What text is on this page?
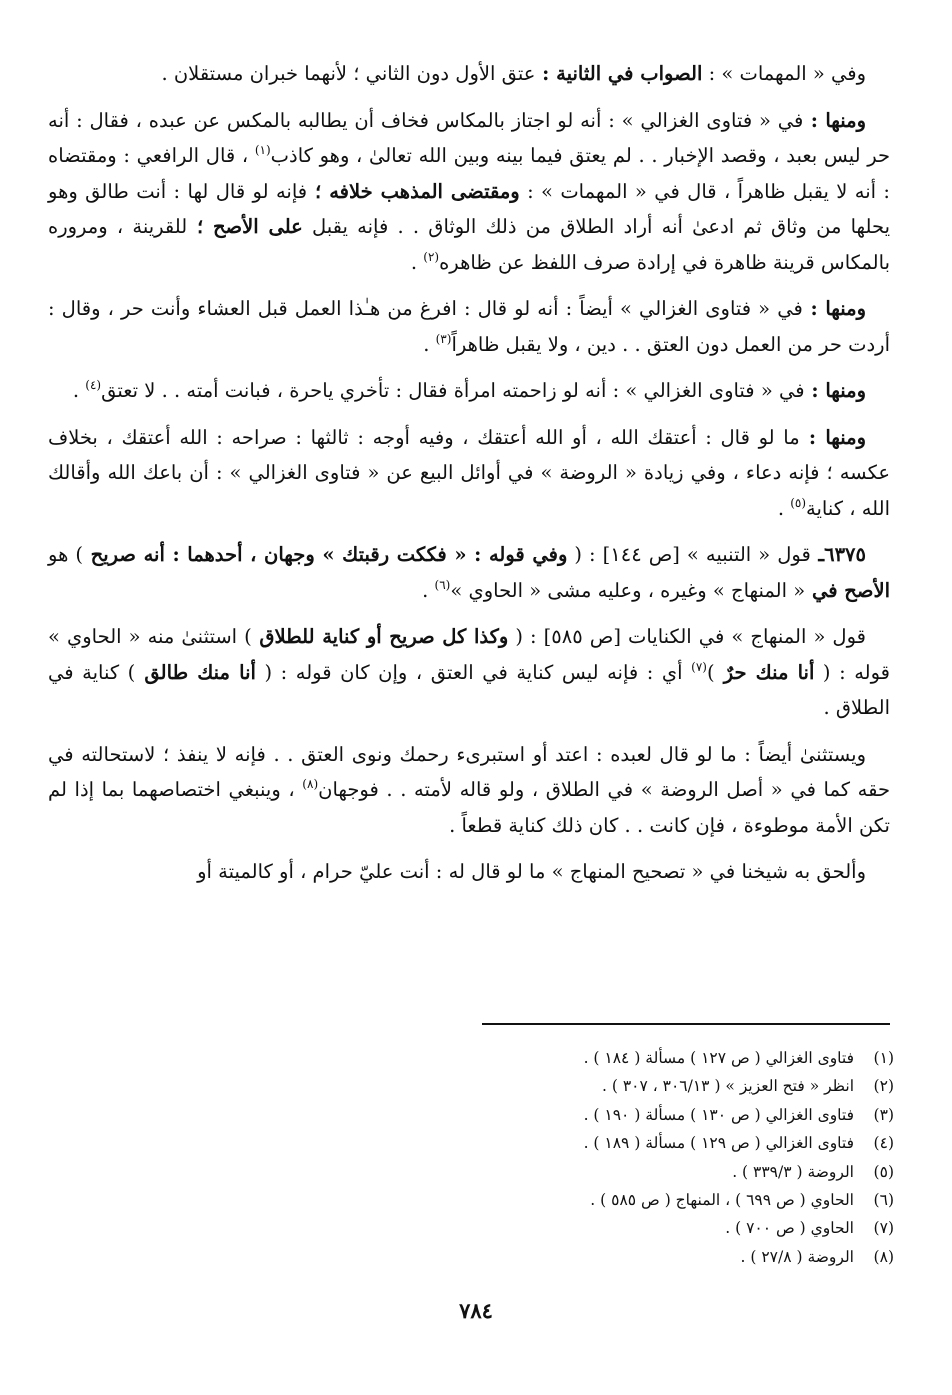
وفي « المهمات » : الصواب في الثانية : عتق الأول دون الثاني ؛ لأنهما خبران مستقلان .

ومنها : في « فتاوى الغزالي » : أنه لو اجتاز بالمكاس فخاف أن يطالبه بالمكس عن عبده ، فقال : أنه حر ليس بعبد ، وقصد الإخبار . . لم يعتق فيما بينه وبين الله تعالىٰ ، وهو كاذب$^{(١)}$ ، قال الرافعي : ومقتضاه : أنه لا يقبل ظاهراً ، قال في « المهمات » : ومقتضى المذهب خلافه ؛ فإنه لو قال لها : أنت طالق وهو يحلها من وثاق ثم ادعىٰ أنه أراد الطلاق من ذلك الوثاق . . فإنه يقبل على الأصح ؛ للقرينة ، ومروره بالمكاس قرينة ظاهرة في إرادة صرف اللفظ عن ظاهره$^{(٢)}$ .

ومنها : في « فتاوى الغزالي » أيضاً : أنه لو قال : افرغ من هـٰذا العمل قبل العشاء وأنت حر ، وقال : أردت حر من العمل دون العتق . . دين ، ولا يقبل ظاهراً$^{(٣)}$ .

ومنها : في « فتاوى الغزالي » : أنه لو زاحمته امرأة فقال : تأخري ياحرة ، فبانت أمته . . لا تعتق$^{(٤)}$ .

ومنها : ما لو قال : أعتقك الله ، أو الله أعتقك ، وفيه أوجه : ثالثها : صراحه : الله أعتقك ، بخلاف عكسه ؛ فإنه دعاء ، وفي زيادة « الروضة » في أوائل البيع عن « فتاوى الغزالي » : أن باعك الله وأقالك الله ، كناية$^{(٥)}$ .

٦٣٧٥ـ قول « التنبيه » [ص ١٤٤] : ( وفي قوله : « فككت رقبتك » وجهان ، أحدهما : أنه صريح ) هو الأصح في « المنهاج » وغيره ، وعليه مشى « الحاوي »$^{(٦)}$ .

قول « المنهاج » في الكنايات [ص ٥٨٥] : ( وكذا كل صريح أو كناية للطلاق ) استثنىٰ منه « الحاوي » قوله : ( أنا منك حرٌ )$^{(٧)}$ أي : فإنه ليس كناية في العتق ، وإن كان قوله : ( أنا منك طالق ) كناية في الطلاق .

ويستثنىٰ أيضاً : ما لو قال لعبده : اعتد أو استبرىء رحمك ونوى العتق . . فإنه لا ينفذ ؛ لاستحالته في حقه كما في « أصل الروضة » في الطلاق ، ولو قاله لأمته . . فوجهان$^{(٨)}$ ، وينبغي اختصاصهما بما إذا لم تكن الأمة موطوءة ، فإن كانت . . كان ذلك كناية قطعاً .

وألحق به شيخنا في « تصحيح المنهاج » ما لو قال له : أنت عليّ حرام ، أو كالميتة أو

(١)فتاوى الغزالي ( ص ١٢٧ ) مسألة ( ١٨٤ ) .
(٢)انظر « فتح العزيز » ( ٣٠٦/١٣ ، ٣٠٧ ) .
(٣)فتاوى الغزالي ( ص ١٣٠ ) مسألة ( ١٩٠ ) .
(٤)فتاوى الغزالي ( ص ١٢٩ ) مسألة ( ١٨٩ ) .
(٥)الروضة ( ٣٣٩/٣ ) .
(٦)الحاوي ( ص ٦٩٩ ) ، المنهاج ( ص ٥٨٥ ) .
(٧)الحاوي ( ص ٧٠٠ ) .
(٨)الروضة ( ٢٧/٨ ) .
٧٨٤
